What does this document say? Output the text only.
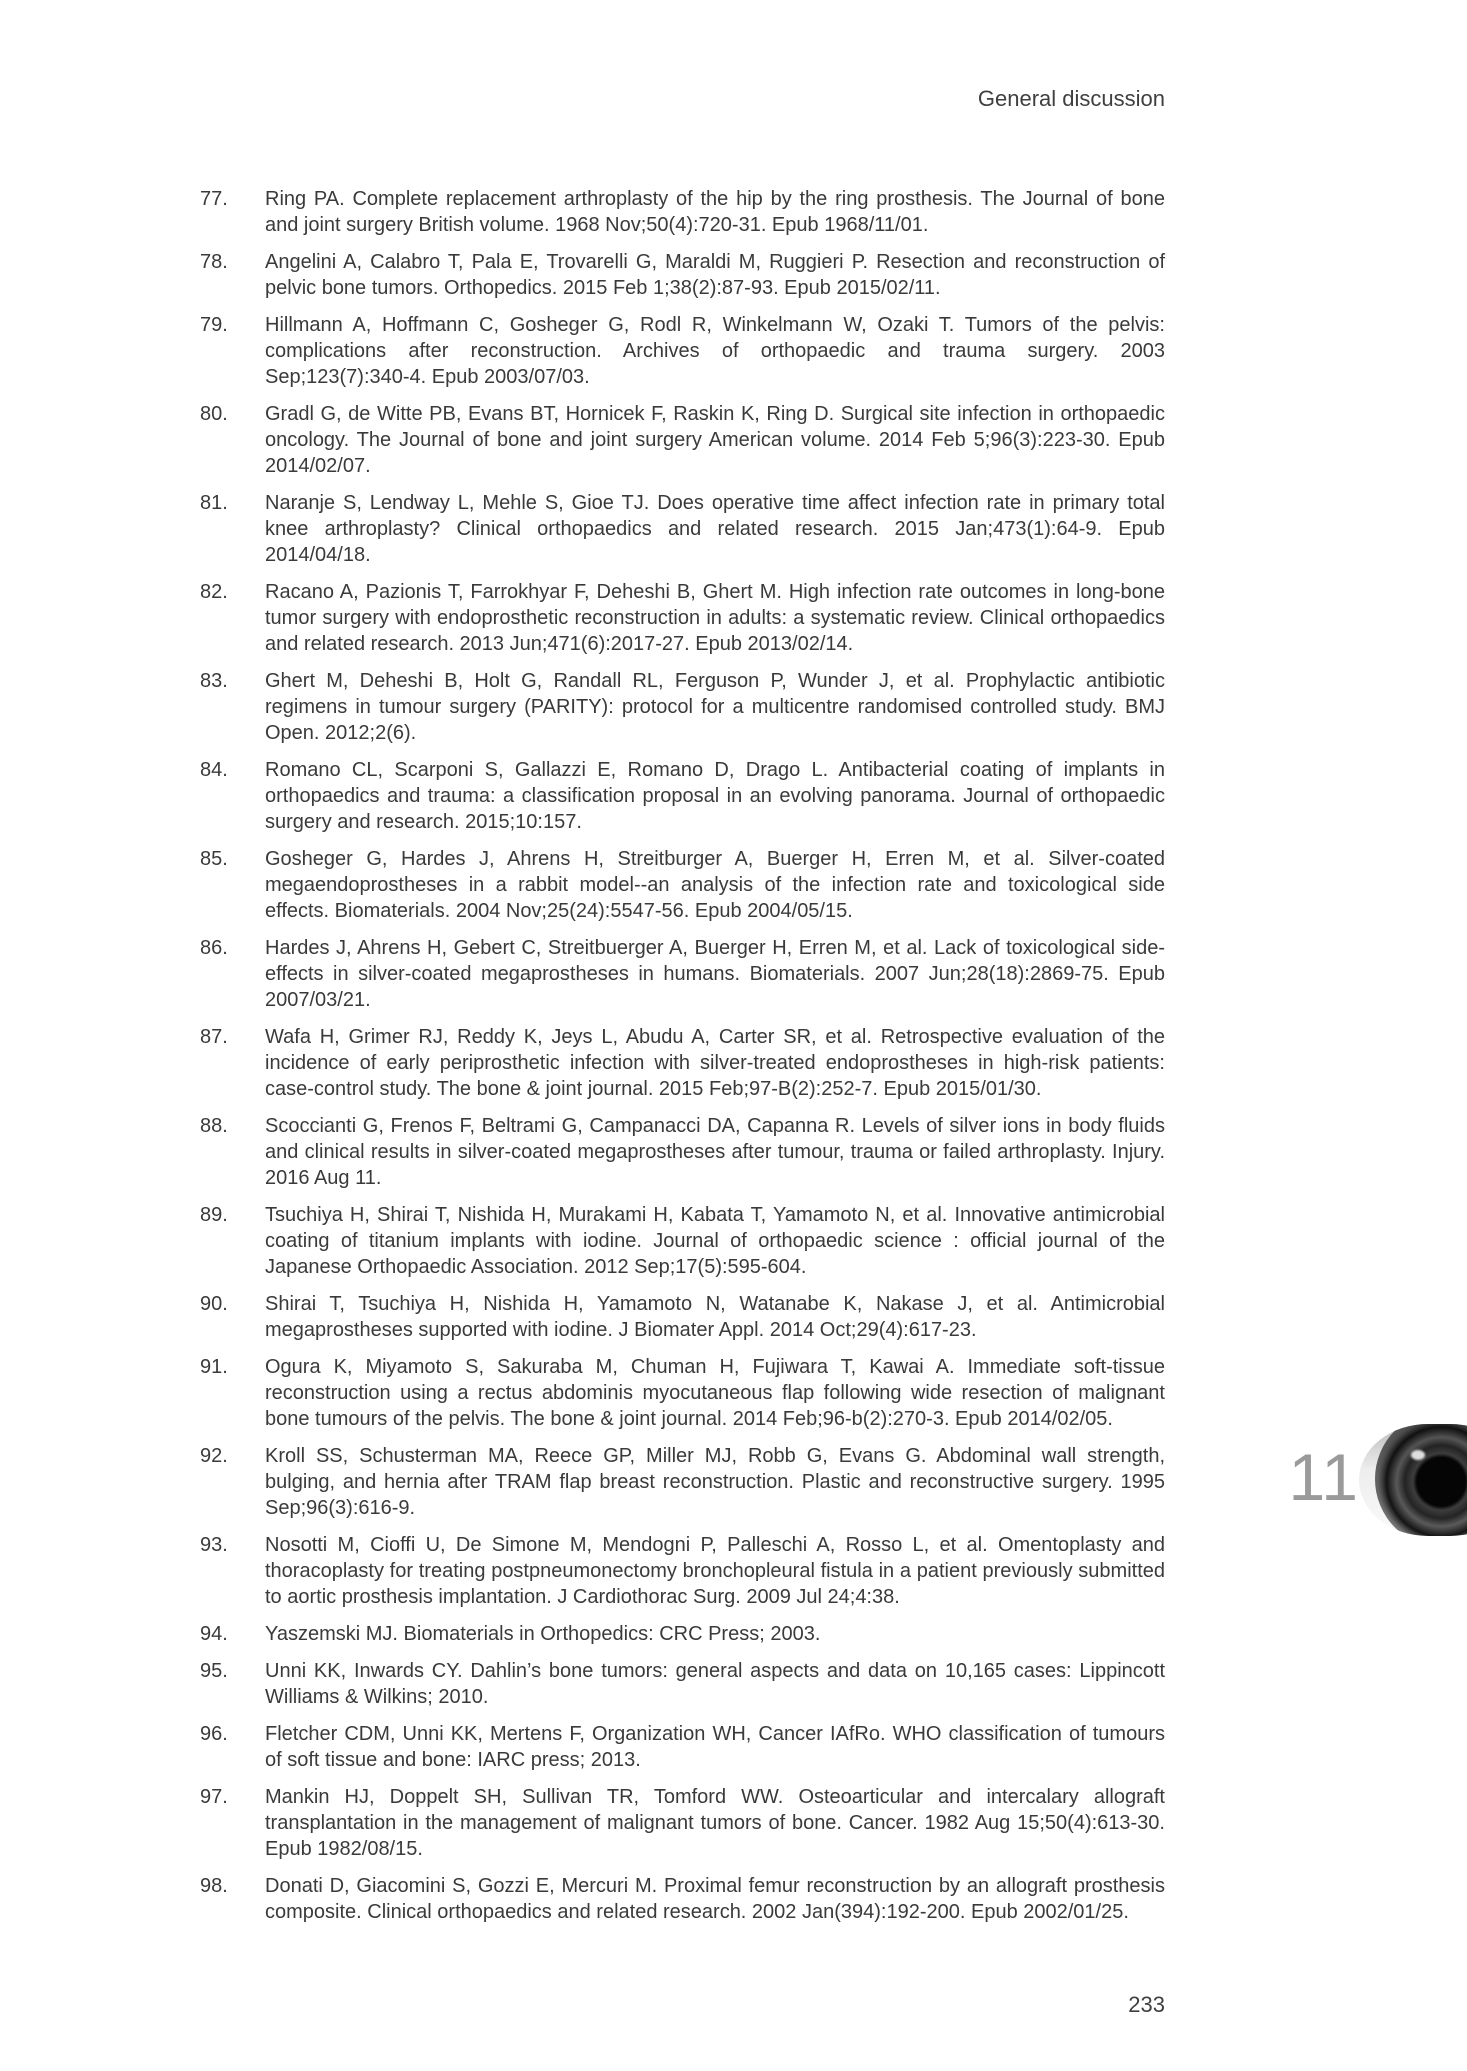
General discussion
77.	Ring PA. Complete replacement arthroplasty of the hip by the ring prosthesis. The Journal of bone and joint surgery British volume. 1968 Nov;50(4):720-31. Epub 1968/11/01.
78.	Angelini A, Calabro T, Pala E, Trovarelli G, Maraldi M, Ruggieri P. Resection and reconstruction of pelvic bone tumors. Orthopedics. 2015 Feb 1;38(2):87-93. Epub 2015/02/11.
79.	Hillmann A, Hoffmann C, Gosheger G, Rodl R, Winkelmann W, Ozaki T. Tumors of the pelvis: complications after reconstruction. Archives of orthopaedic and trauma surgery. 2003 Sep;123(7):340-4. Epub 2003/07/03.
80.	Gradl G, de Witte PB, Evans BT, Hornicek F, Raskin K, Ring D. Surgical site infection in orthopaedic oncology. The Journal of bone and joint surgery American volume. 2014 Feb 5;96(3):223-30. Epub 2014/02/07.
81.	Naranje S, Lendway L, Mehle S, Gioe TJ. Does operative time affect infection rate in primary total knee arthroplasty? Clinical orthopaedics and related research. 2015 Jan;473(1):64-9. Epub 2014/04/18.
82.	Racano A, Pazionis T, Farrokhyar F, Deheshi B, Ghert M. High infection rate outcomes in long-bone tumor surgery with endoprosthetic reconstruction in adults: a systematic review. Clinical orthopaedics and related research. 2013 Jun;471(6):2017-27. Epub 2013/02/14.
83.	Ghert M, Deheshi B, Holt G, Randall RL, Ferguson P, Wunder J, et al. Prophylactic antibiotic regimens in tumour surgery (PARITY): protocol for a multicentre randomised controlled study. BMJ Open. 2012;2(6).
84.	Romano CL, Scarponi S, Gallazzi E, Romano D, Drago L. Antibacterial coating of implants in orthopaedics and trauma: a classification proposal in an evolving panorama. Journal of orthopaedic surgery and research. 2015;10:157.
85.	Gosheger G, Hardes J, Ahrens H, Streitburger A, Buerger H, Erren M, et al. Silver-coated megaendoprostheses in a rabbit model--an analysis of the infection rate and toxicological side effects. Biomaterials. 2004 Nov;25(24):5547-56. Epub 2004/05/15.
86.	Hardes J, Ahrens H, Gebert C, Streitbuerger A, Buerger H, Erren M, et al. Lack of toxicological side-effects in silver-coated megaprostheses in humans. Biomaterials. 2007 Jun;28(18):2869-75. Epub 2007/03/21.
87.	Wafa H, Grimer RJ, Reddy K, Jeys L, Abudu A, Carter SR, et al. Retrospective evaluation of the incidence of early periprosthetic infection with silver-treated endoprostheses in high-risk patients: case-control study. The bone & joint journal. 2015 Feb;97-B(2):252-7. Epub 2015/01/30.
88.	Scoccianti G, Frenos F, Beltrami G, Campanacci DA, Capanna R. Levels of silver ions in body fluids and clinical results in silver-coated megaprostheses after tumour, trauma or failed arthroplasty. Injury. 2016 Aug 11.
89.	Tsuchiya H, Shirai T, Nishida H, Murakami H, Kabata T, Yamamoto N, et al. Innovative antimicrobial coating of titanium implants with iodine. Journal of orthopaedic science : official journal of the Japanese Orthopaedic Association. 2012 Sep;17(5):595-604.
90.	Shirai T, Tsuchiya H, Nishida H, Yamamoto N, Watanabe K, Nakase J, et al. Antimicrobial megaprostheses supported with iodine. J Biomater Appl. 2014 Oct;29(4):617-23.
91.	Ogura K, Miyamoto S, Sakuraba M, Chuman H, Fujiwara T, Kawai A. Immediate soft-tissue reconstruction using a rectus abdominis myocutaneous flap following wide resection of malignant bone tumours of the pelvis. The bone & joint journal. 2014 Feb;96-b(2):270-3. Epub 2014/02/05.
92.	Kroll SS, Schusterman MA, Reece GP, Miller MJ, Robb G, Evans G. Abdominal wall strength, bulging, and hernia after TRAM flap breast reconstruction. Plastic and reconstructive surgery. 1995 Sep;96(3):616-9.
93.	Nosotti M, Cioffi U, De Simone M, Mendogni P, Palleschi A, Rosso L, et al. Omentoplasty and thoracoplasty for treating postpneumonectomy bronchopleural fistula in a patient previously submitted to aortic prosthesis implantation. J Cardiothorac Surg. 2009 Jul 24;4:38.
94.	Yaszemski MJ. Biomaterials in Orthopedics: CRC Press; 2003.
95.	Unni KK, Inwards CY. Dahlin’s bone tumors: general aspects and data on 10,165 cases: Lippincott Williams & Wilkins; 2010.
96.	Fletcher CDM, Unni KK, Mertens F, Organization WH, Cancer IAfRo. WHO classification of tumours of soft tissue and bone: IARC press; 2013.
97.	Mankin HJ, Doppelt SH, Sullivan TR, Tomford WW. Osteoarticular and intercalary allograft transplantation in the management of malignant tumors of bone. Cancer. 1982 Aug 15;50(4):613-30. Epub 1982/08/15.
98.	Donati D, Giacomini S, Gozzi E, Mercuri M. Proximal femur reconstruction by an allograft prosthesis composite. Clinical orthopaedics and related research. 2002 Jan(394):192-200. Epub 2002/01/25.
11
233
